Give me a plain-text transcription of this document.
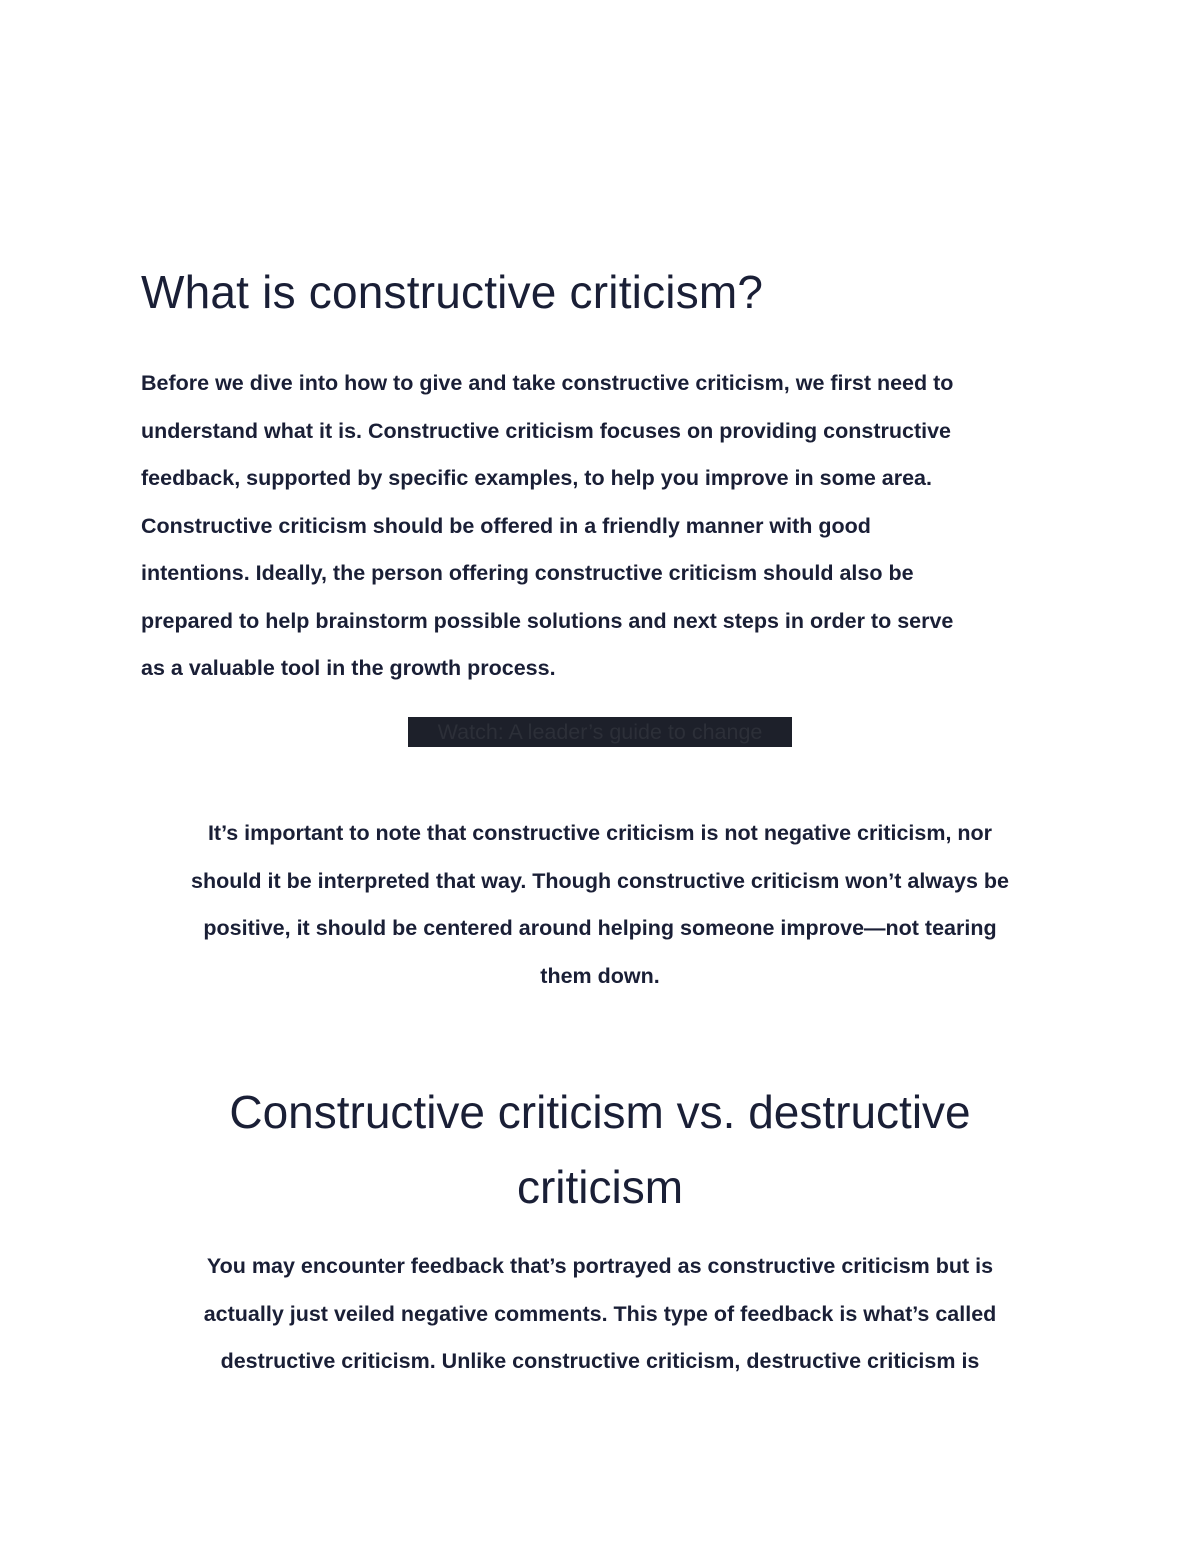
What is constructive criticism?

Before we dive into how to give and take constructive criticism, we first need to
understand what it is. Constructive criticism focuses on providing constructive
feedback, supported by specific examples, to help you improve in some area.
Constructive criticism should be offered in a friendly manner with good
intentions. Ideally, the person offering constructive criticism should also be
prepared to help brainstorm possible solutions and next steps in order to serve
as a valuable tool in the growth process.

Watch: A leader’s guide to change

It’s important to note that constructive criticism is not negative criticism, nor
should it be interpreted that way. Though constructive criticism won’t always be
positive, it should be centered around helping someone improve—not tearing
them down.

Constructive criticism vs. destructive
criticism

You may encounter feedback that’s portrayed as constructive criticism but is
actually just veiled negative comments. This type of feedback is what’s called
destructive criticism. Unlike constructive criticism, destructive criticism is
